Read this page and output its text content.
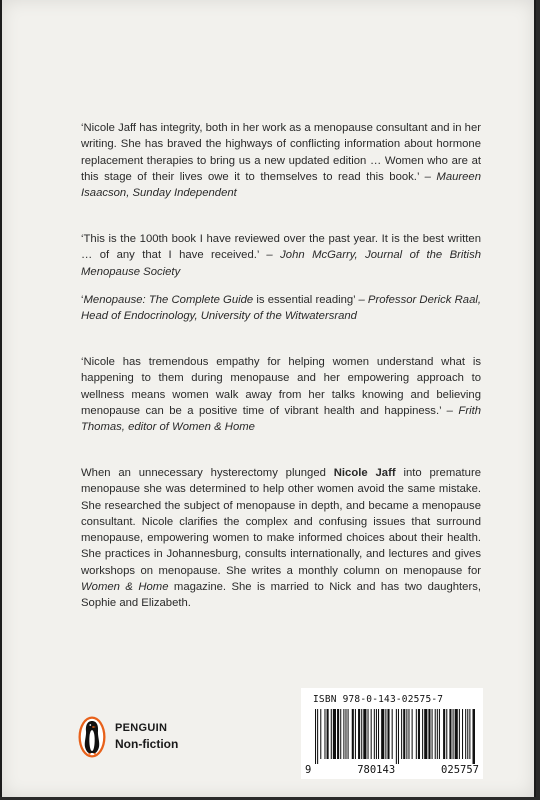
‘Nicole Jaff has integrity, both in her work as a menopause consultant and in her writing. She has braved the highways of conflicting information about hormone replacement therapies to bring us a new updated edition … Women who are at this stage of their lives owe it to themselves to read this book.’ – Maureen Isaacson, Sunday Independent

‘This is the 100th book I have reviewed over the past year. It is the best written … of any that I have received.’ – John McGarry, Journal of the British Menopause Society

‘Menopause: The Complete Guide is essential reading’ – Professor Derick Raal, Head of Endocrinology, University of the Witwatersrand

‘Nicole has tremendous empathy for helping women understand what is happening to them during menopause and her empowering approach to wellness means women walk away from her talks knowing and believing menopause can be a positive time of vibrant health and happiness.’ – Frith Thomas, editor of Women & Home

When an unnecessary hysterectomy plunged Nicole Jaff into premature menopause she was determined to help other women avoid the same mistake. She researched the subject of menopause in depth, and became a menopause consultant. Nicole clarifies the complex and confusing issues that surround menopause, empowering women to make informed choices about their health. She practices in Johannesburg, consults internationally, and lectures and gives workshops on menopause. She writes a monthly column on menopause for Women & Home magazine. She is married to Nick and has two daughters, Sophie and Elizabeth.

PENGUIN
Non-fiction
ISBN 978-0-143-02575-7
9	780143	025757
